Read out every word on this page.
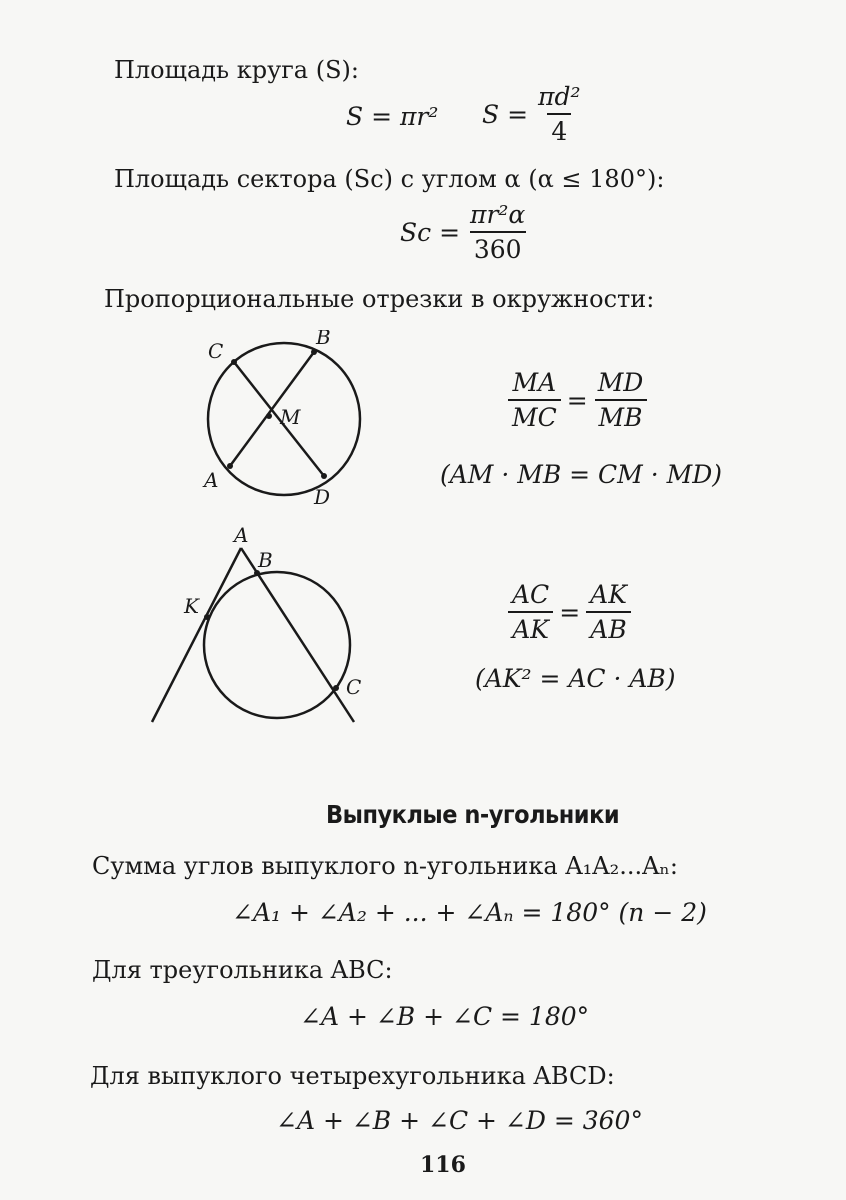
Площадь круга (S):
S = πr² $S = \frac{\text{πd²}}{4}$
Площадь сектора (Sс) с углом α (α ≤ 180°):
Sс = $\frac{\text{πr²α}}{360}$
Пропорциональные отрезки в окружности:
C
B
M
A
D
$\frac{MA}{MC} = \frac{MD}{MB}$
(AM · MB = CM · MD)
A
B
K
C
$\frac{AC}{AK} = \frac{AK}{AB}$
(AK² = AC · AB)
Выпуклые n-угольники
Сумма углов выпуклого n-угольника A₁A₂...Aₙ:
∠A₁ + ∠A₂ + ... + ∠Aₙ = 180° (n − 2)
Для треугольника ABC:
∠A + ∠B + ∠C = 180°
Для выпуклого четырехугольника ABCD:
∠A + ∠B + ∠C + ∠D = 360°
116
